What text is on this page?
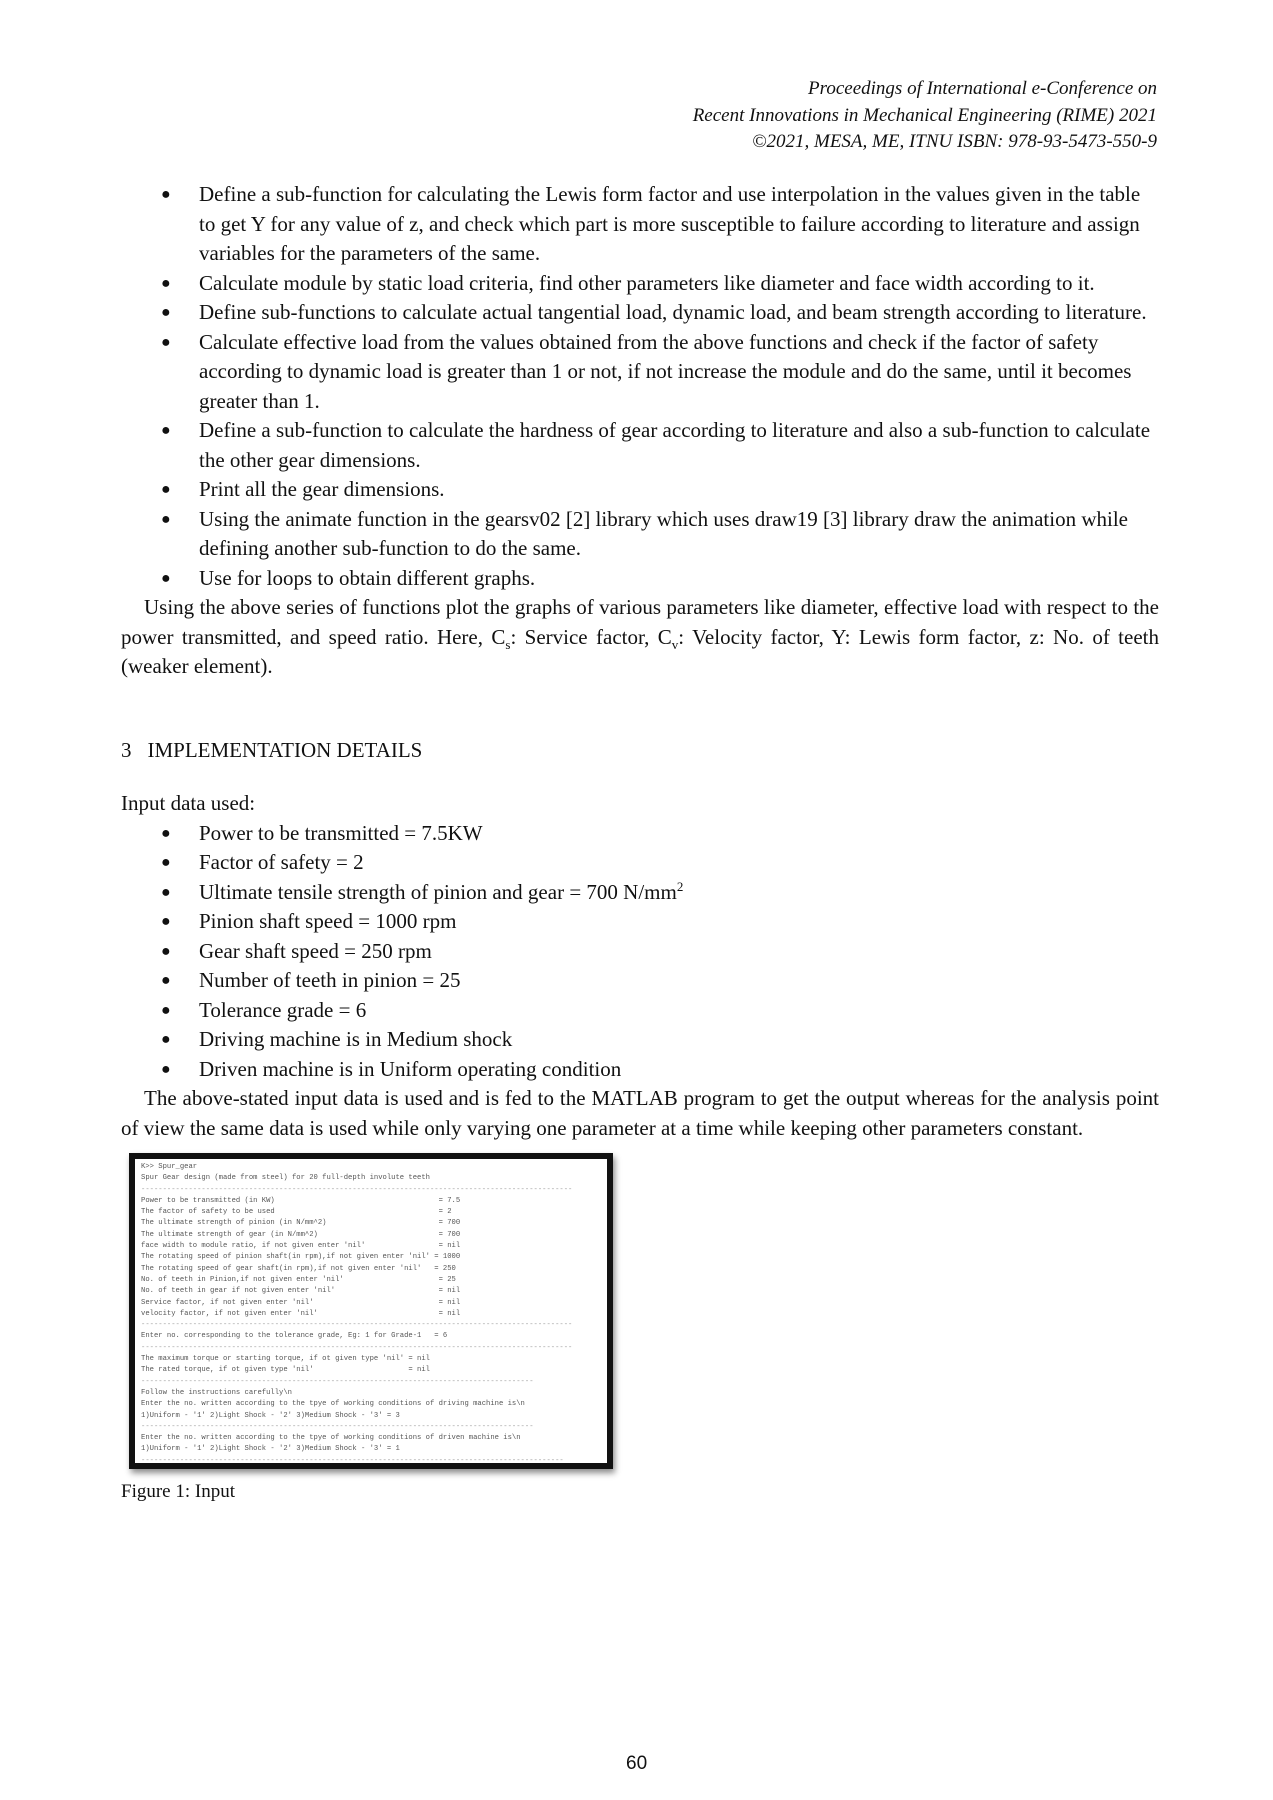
Proceedings of International e-Conference on
Recent Innovations in Mechanical Engineering (RIME) 2021
©2021, MESA, ME, ITNU ISBN: 978-93-5473-550-9
● Define a sub-function for calculating the Lewis form factor and use interpolation in the values given in the table to get Y for any value of z, and check which part is more susceptible to failure according to literature and assign variables for the parameters of the same.
● Calculate module by static load criteria, find other parameters like diameter and face width according to it.
● Define sub-functions to calculate actual tangential load, dynamic load, and beam strength according to literature.
● Calculate effective load from the values obtained from the above functions and check if the factor of safety according to dynamic load is greater than 1 or not, if not increase the module and do the same, until it becomes greater than 1.
● Define a sub-function to calculate the hardness of gear according to literature and also a sub-function to calculate the other gear dimensions.
● Print all the gear dimensions.
● Using the animate function in the gearsv02 [2] library which uses draw19 [3] library draw the animation while defining another sub-function to do the same.
● Use for loops to obtain different graphs.

Using the above series of functions plot the graphs of various parameters like diameter, effective load with respect to the power transmitted, and speed ratio. Here, $C_s$: Service factor, $C_v$: Velocity factor, Y: Lewis form factor, z: No. of teeth (weaker element).

3 IMPLEMENTATION DETAILS
Input data used:
● Power to be transmitted = 7.5KW
● Factor of safety = 2
● Ultimate tensile strength of pinion and gear = 700 $N/mm^2$
● Pinion shaft speed = 1000 rpm
● Gear shaft speed = 250 rpm
● Number of teeth in pinion = 25
● Tolerance grade = 6
● Driving machine is in Medium shock
● Driven machine is in Uniform operating condition

The above-stated input data is used and is fed to the MATLAB program to get the output whereas for the analysis point of view the same data is used while only varying one parameter at a time while keeping other parameters constant.

K>> Spur_gear
Spur Gear design (made from steel) for 20 full-depth involute teeth
----------------------------------------------------------------------------------------------------
Power to be transmitted (in KW)                                      = 7.5
The factor of safety to be used                                      = 2
The ultimate strength of pinion (in N/mm^2)                          = 700
The ultimate strength of gear (in N/mm^2)                            = 700
face width to module ratio, if not given enter 'nil'                 = nil
The rotating speed of pinion shaft(in rpm),if not given enter 'nil' = 1000
The rotating speed of gear shaft(in rpm),if not given enter 'nil'   = 250
No. of teeth in Pinion,if not given enter 'nil'                      = 25
No. of teeth in gear if not given enter 'nil'                        = nil
Service factor, if not given enter 'nil'                             = nil
velocity factor, if not given enter 'nil'                            = nil
----------------------------------------------------------------------------------------------------
Enter no. corresponding to the tolerance grade, Eg: 1 for Grade-1   = 6
----------------------------------------------------------------------------------------------------
The maximum torque or starting torque, if ot given type 'nil' = nil
The rated torque, if ot given type 'nil'                      = nil
-------------------------------------------------------------------------------------------
Follow the instructions carefully\n
Enter the no. written according to the tpye of working conditions of driving machine is\n
1)Uniform - '1' 2)Light Shock - '2' 3)Medium Shock - '3' = 3
-------------------------------------------------------------------------------------------
Enter the no. written according to the tpye of working conditions of driven machine is\n
1)Uniform - '1' 2)Light Shock - '2' 3)Medium Shock - '3' = 1
--------------------------------------------------------------------------------------------------
Figure 1: Input
60
